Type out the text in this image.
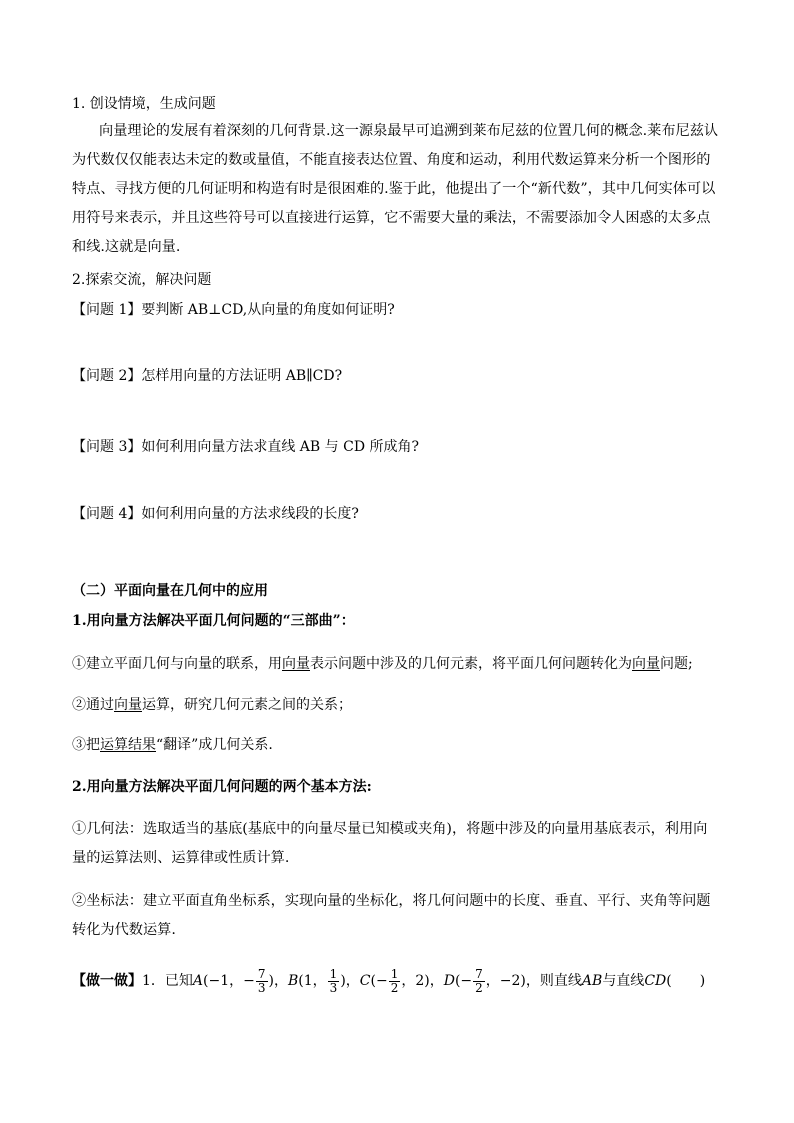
1. 创设情境，生成问题
向量理论的发展有着深刻的几何背景.这一源泉最早可追溯到莱布尼兹的位置几何的概念.莱布尼兹认为代数仅仅能表达未定的数或量值，不能直接表达位置、角度和运动，利用代数运算来分析一个图形的特点、寻找方便的几何证明和构造有时是很困难的.鉴于此，他提出了一个“新代数”，其中几何实体可以用符号来表示，并且这些符号可以直接进行运算，它不需要大量的乘法，不需要添加令人困惑的太多点和线.这就是向量.
2.探索交流，解决问题
【问题 1】要判断 AB⊥CD,从向量的角度如何证明?
【问题 2】怎样用向量的方法证明 AB∥CD?
【问题 3】如何利用向量方法求直线 AB 与 CD 所成角?
【问题 4】如何利用向量的方法求线段的长度?
（二）平面向量在几何中的应用
1.用向量方法解决平面几何问题的“三部曲”：
①建立平面几何与向量的联系，用向量表示问题中涉及的几何元素，将平面几何问题转化为向量问题;
②通过向量运算，研究几何元素之间的关系；
③把运算结果“翻译”成几何关系.
2.用向量方法解决平面几何问题的两个基本方法:
①几何法：选取适当的基底(基底中的向量尽量已知模或夹角)，将题中涉及的向量用基底表示，利用向量的运算法则、运算律或性质计算.
②坐标法：建立平面直角坐标系，实现向量的坐标化，将几何问题中的长度、垂直、平行、夹角等问题转化为代数运算.
【做一做】 1．已知 A (−1，− $\frac{7}{3}$ )， B (1， $\frac{1}{3}$ )， C (− $\frac{1}{2}$ ，2)， D (− $\frac{7}{2}$ ，−2)，则直线 AB 与直线 CD (　　)
